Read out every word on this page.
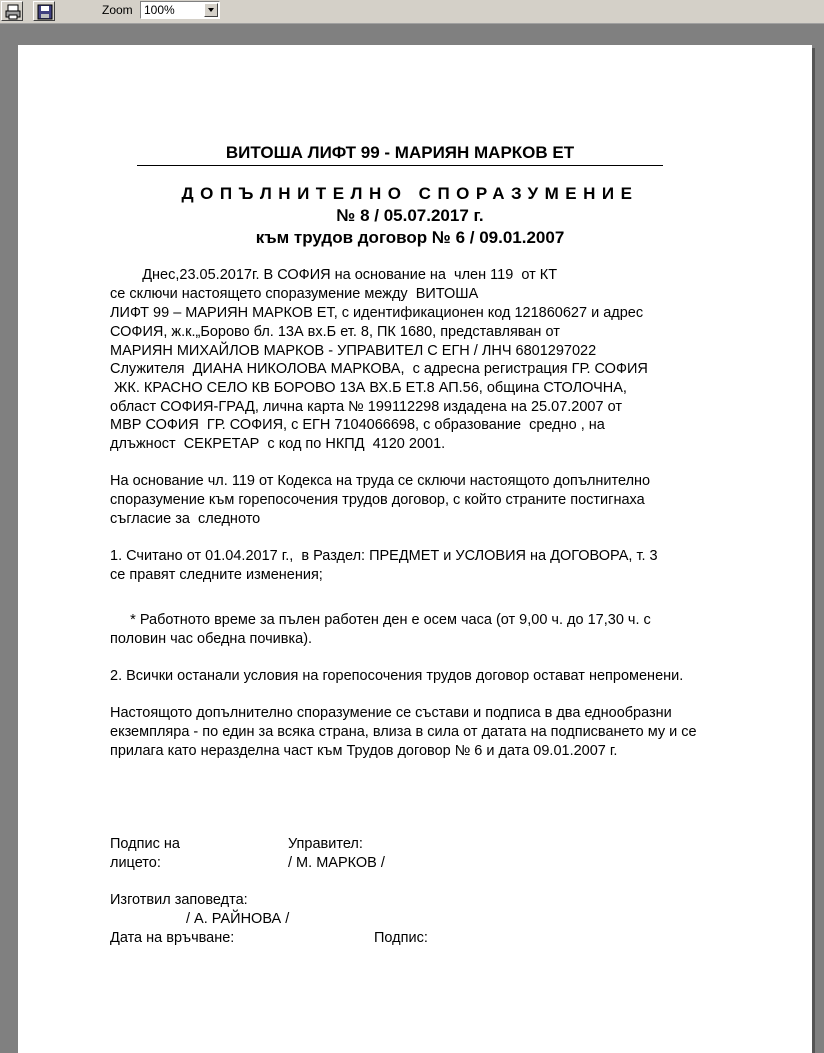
Zoom 100%
ВИТОША ЛИФТ 99 - МАРИЯН МАРКОВ ЕТ
ДОПЪЛНИТЕЛНО СПОРАЗУМЕНИЕ
№ 8 / 05.07.2017 г.
към трудов договор № 6 / 09.01.2007
Днес,23.05.2017г. В СОФИЯ на основание на  член 119  от КТ
се сключи настоящето споразумение между  ВИТОША
ЛИФТ 99 – МАРИЯН МАРКОВ ЕТ, с идентификационен код 121860627 и адрес
СОФИЯ, ж.к.„Борово бл. 13А вх.Б ет. 8, ПК 1680, представляван от
МАРИЯН МИХАЙЛОВ МАРКОВ - УПРАВИТЕЛ С ЕГН / ЛНЧ 6801297022
Служителя  ДИАНА НИКОЛОВА МАРКОВА,  с адресна регистрация ГР. СОФИЯ
ЖК. КРАСНО СЕЛО КВ БОРОВО 13А ВХ.Б ЕТ.8 АП.56, община СТОЛОЧНА,
област СОФИЯ-ГРАД, лична карта № 199112298 издадена на 25.07.2007 от
МВР СОФИЯ  ГР. СОФИЯ, с ЕГН 7104066698, с образование  средно , на
длъжност  СЕКРЕТАР  с код по НКПД  4120 2001.
На основание чл. 119 от Кодекса на труда се сключи настоящото допълнително
споразумение към горепосочения трудов договор, с който страните постигнаха
съгласие за  следното
1. Считано от 01.04.2017 г.,  в Раздел: ПРЕДМЕТ и УСЛОВИЯ на ДОГОВОРА, т. 3
се правят следните изменения;
* Работното време за пълен работен ден е осем часа (от 9,00 ч. до 17,30 ч. с
половин час обедна почивка).
2. Всички останали условия на горепосочения трудов договор остават непроменени.
Настоящото допълнително споразумение се състави и подписа в два еднообразни
екземпляра - по един за всяка страна, влиза в сила от датата на подписването му и се
прилага като неразделна част към Трудов договор № 6 и дата 09.01.2007 г.
Подпис на
лицето:
Управител:
/ М. МАРКОВ /
Изготвил заповедта:
/ А. РАЙНОВА /
Дата на връчване:	Подпис:
